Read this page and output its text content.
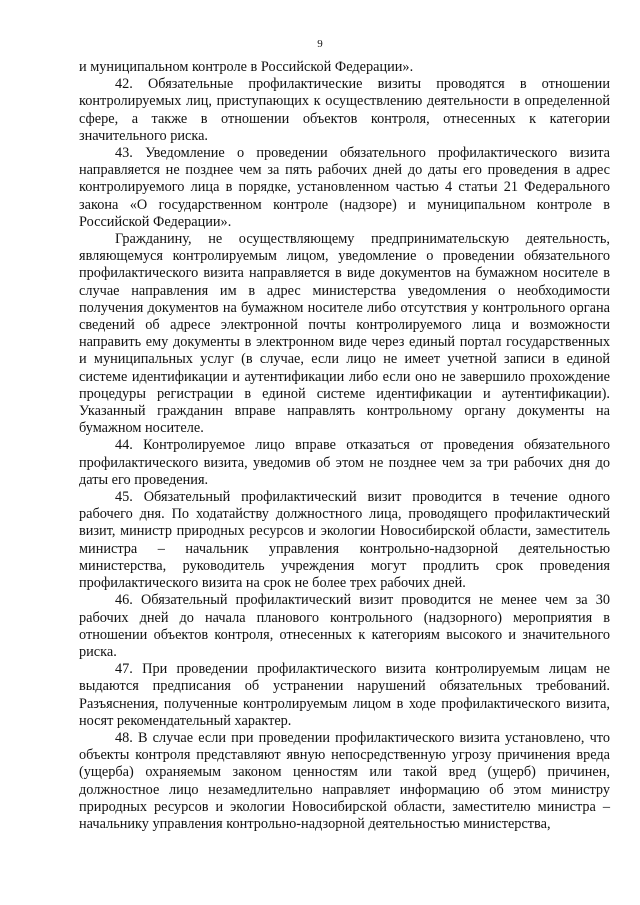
9

и муниципальном контроле в Российской Федерации».

42. Обязательные профилактические визиты проводятся в отношении контролируемых лиц, приступающих к осуществлению деятельности в определенной сфере, а также в отношении объектов контроля, отнесенных к категории значительного риска.

43. Уведомление о проведении обязательного профилактического визита направляется не позднее чем за пять рабочих дней до даты его проведения в адрес контролируемого лица в порядке, установленном частью 4 статьи 21 Федерального закона «О государственном контроле (надзоре) и муниципальном контроле в Российской Федерации».

Гражданину, не осуществляющему предпринимательскую деятельность, являющемуся контролируемым лицом, уведомление о проведении обязательного профилактического визита направляется в виде документов на бумажном носителе в случае направления им в адрес министерства уведомления о необходимости получения документов на бумажном носителе либо отсутствия у контрольного органа сведений об адресе электронной почты контролируемого лица и возможности направить ему документы в электронном виде через единый портал государственных и муниципальных услуг (в случае, если лицо не имеет учетной записи в единой системе идентификации и аутентификации либо если оно не завершило прохождение процедуры регистрации в единой системе идентификации и аутентификации). Указанный гражданин вправе направлять контрольному органу документы на бумажном носителе.

44. Контролируемое лицо вправе отказаться от проведения обязательного профилактического визита, уведомив об этом не позднее чем за три рабочих дня до даты его проведения.

45. Обязательный профилактический визит проводится в течение одного рабочего дня. По ходатайству должностного лица, проводящего профилактический визит, министр природных ресурсов и экологии Новосибирской области, заместитель министра – начальник управления контрольно-надзорной деятельностью министерства, руководитель учреждения могут продлить срок проведения профилактического визита на срок не более трех рабочих дней.

46. Обязательный профилактический визит проводится не менее чем за 30 рабочих дней до начала планового контрольного (надзорного) мероприятия в отношении объектов контроля, отнесенных к категориям высокого и значительного риска.

47. При проведении профилактического визита контролируемым лицам не выдаются предписания об устранении нарушений обязательных требований. Разъяснения, полученные контролируемым лицом в ходе профилактического визита, носят рекомендательный характер.

48. В случае если при проведении профилактического визита установлено, что объекты контроля представляют явную непосредственную угрозу причинения вреда (ущерба) охраняемым законом ценностям или такой вред (ущерб) причинен, должностное лицо незамедлительно направляет информацию об этом министру природных ресурсов и экологии Новосибирской области, заместителю министра – начальнику управления контрольно-надзорной деятельностью министерства,
